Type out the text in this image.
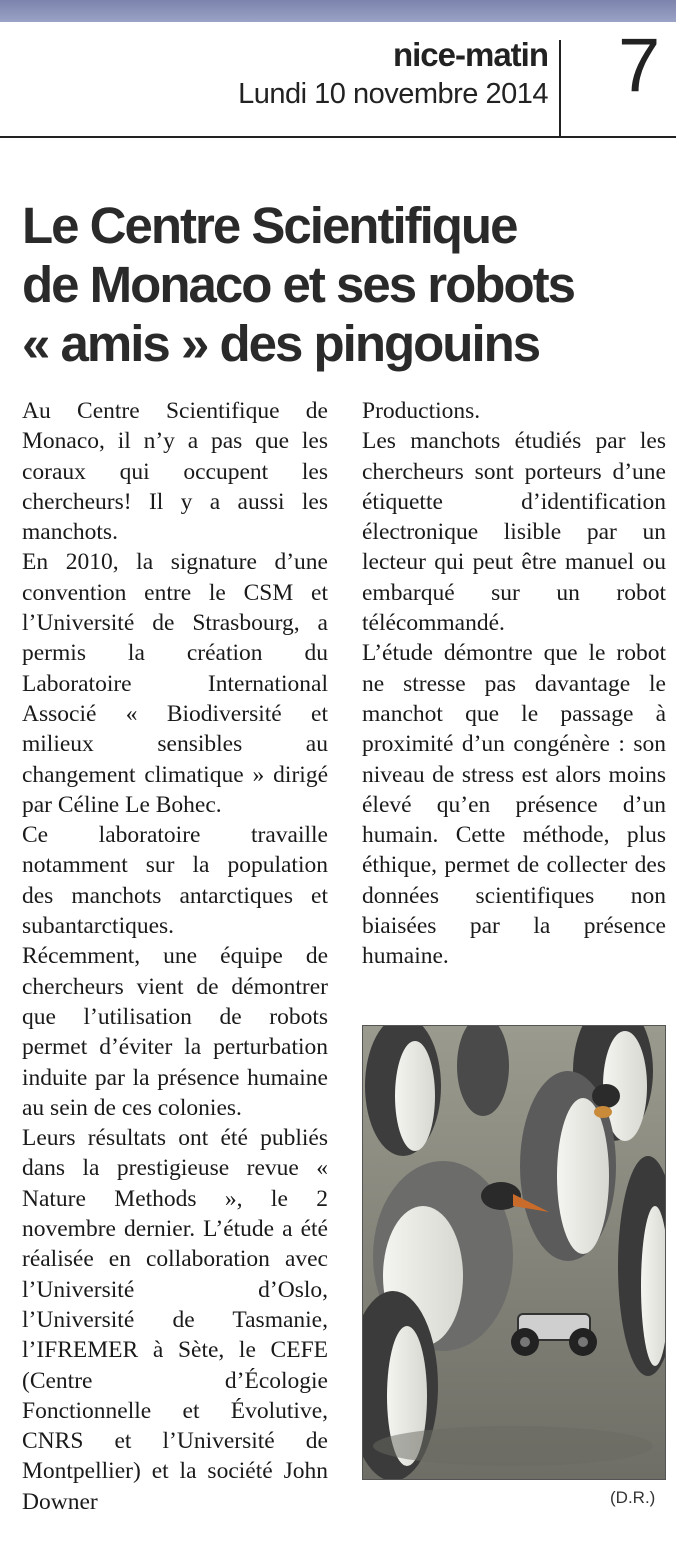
nice-matin
Lundi 10 novembre 2014 7
Le Centre Scientifique
de Monaco et ses robots
« amis » des pingouins

Au Centre Scientifique de Monaco, il n’y a pas que les coraux qui occupent les chercheurs! Il y a aussi les manchots.

En 2010, la signature d’une convention entre le CSM et l’Université de Strasbourg, a permis la création du Laboratoire International Associé « Biodiversité et milieux sensibles au changement climatique » dirigé par Céline Le Bohec.

Ce laboratoire travaille notamment sur la population des manchots antarctiques et subantarctiques.

Récemment, une équipe de chercheurs vient de démontrer que l’utilisation de robots permet d’éviter la perturbation induite par la présence humaine au sein de ces colonies.

Leurs résultats ont été publiés dans la prestigieuse revue « Nature Methods », le 2 novembre dernier. L’étude a été réalisée en collaboration avec l’Université d’Oslo, l’Université de Tasmanie, l’IFREMER à Sète, le CEFE (Centre d’Écologie Fonctionnelle et Évolutive, CNRS et l’Université de Montpellier) et la société John Downer

Productions.

Les manchots étudiés par les chercheurs sont porteurs d’une étiquette d’identification électronique lisible par un lecteur qui peut être manuel ou embarqué sur un robot télécommandé.

L’étude démontre que le robot ne stresse pas davantage le manchot que le passage à proximité d’un congénère : son niveau de stress est alors moins élevé qu’en présence d’un humain. Cette méthode, plus éthique, permet de collecter des données scientifiques non biaisées par la présence humaine.

(D.R.)
